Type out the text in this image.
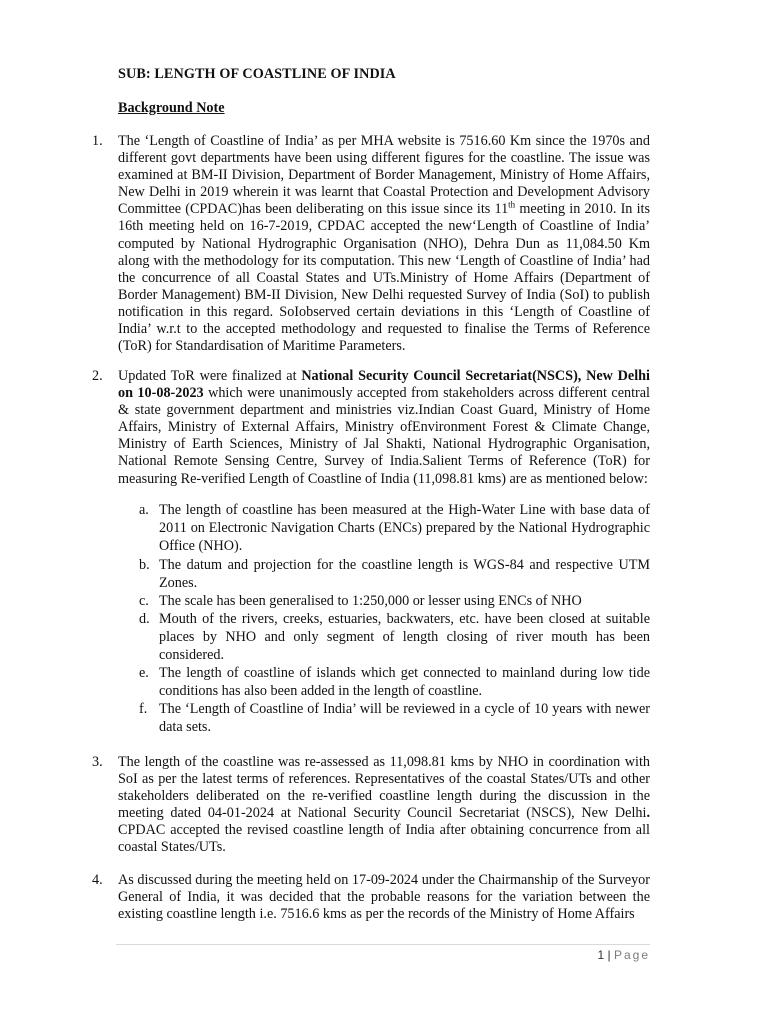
SUB: LENGTH OF COASTLINE OF INDIA
Background Note
1.	The ‘Length of Coastline of India’ as per MHA website is 7516.60 Km since the 1970s and different govt departments have been using different figures for the coastline. The issue was examined at BM-II Division, Department of Border Management, Ministry of Home Affairs, New Delhi in 2019 wherein it was learnt that Coastal Protection and Development Advisory Committee (CPDAC)has been deliberating on this issue since its 11th meeting in 2010. In its 16th meeting held on 16-7-2019, CPDAC accepted the new‘Length of Coastline of India’ computed by National Hydrographic Organisation (NHO), Dehra Dun as 11,084.50 Km along with the methodology for its computation. This new ‘Length of Coastline of India’ had the concurrence of all Coastal States and UTs.Ministry of Home Affairs (Department of Border Management) BM-II Division, New Delhi requested Survey of India (SoI) to publish notification in this regard. SoIobserved certain deviations in this ‘Length of Coastline of India’ w.r.t to the accepted methodology and requested to finalise the Terms of Reference (ToR) for Standardisation of Maritime Parameters.
2.	Updated ToR were finalized at National Security Council Secretariat(NSCS), New Delhi on 10-08-2023 which were unanimously accepted from stakeholders across different central & state government department and ministries viz.Indian Coast Guard, Ministry of Home Affairs, Ministry of External Affairs, Ministry ofEnvironment Forest & Climate Change, Ministry of Earth Sciences, Ministry of Jal Shakti, National Hydrographic Organisation, National Remote Sensing Centre, Survey of India.Salient Terms of Reference (ToR) for measuring Re-verified Length of Coastline of India (11,098.81 kms) are as mentioned below:
a. The length of coastline has been measured at the High-Water Line with base data of 2011 on Electronic Navigation Charts (ENCs) prepared by the National Hydrographic Office (NHO).
b. The datum and projection for the coastline length is WGS-84 and respective UTM Zones.
c. The scale has been generalised to 1:250,000 or lesser using ENCs of NHO
d. Mouth of the rivers, creeks, estuaries, backwaters, etc. have been closed at suitable places by NHO and only segment of length closing of river mouth has been considered.
e. The length of coastline of islands which get connected to mainland during low tide conditions has also been added in the length of coastline.
f. The ‘Length of Coastline of India’ will be reviewed in a cycle of 10 years with newer data sets.
3.	The length of the coastline was re-assessed as 11,098.81 kms by NHO in coordination with SoI as per the latest terms of references. Representatives of the coastal States/UTs and other stakeholders deliberated on the re-verified coastline length during the discussion in the meeting dated 04-01-2024 at National Security Council Secretariat (NSCS), New Delhi. CPDAC accepted the revised coastline length of India after obtaining concurrence from all coastal States/UTs.
4.	As discussed during the meeting held on 17-09-2024 under the Chairmanship of the Surveyor General of India, it was decided that the probable reasons for the variation between the existing coastline length i.e. 7516.6 kms as per the records of the Ministry of Home Affairs
1 | Page
